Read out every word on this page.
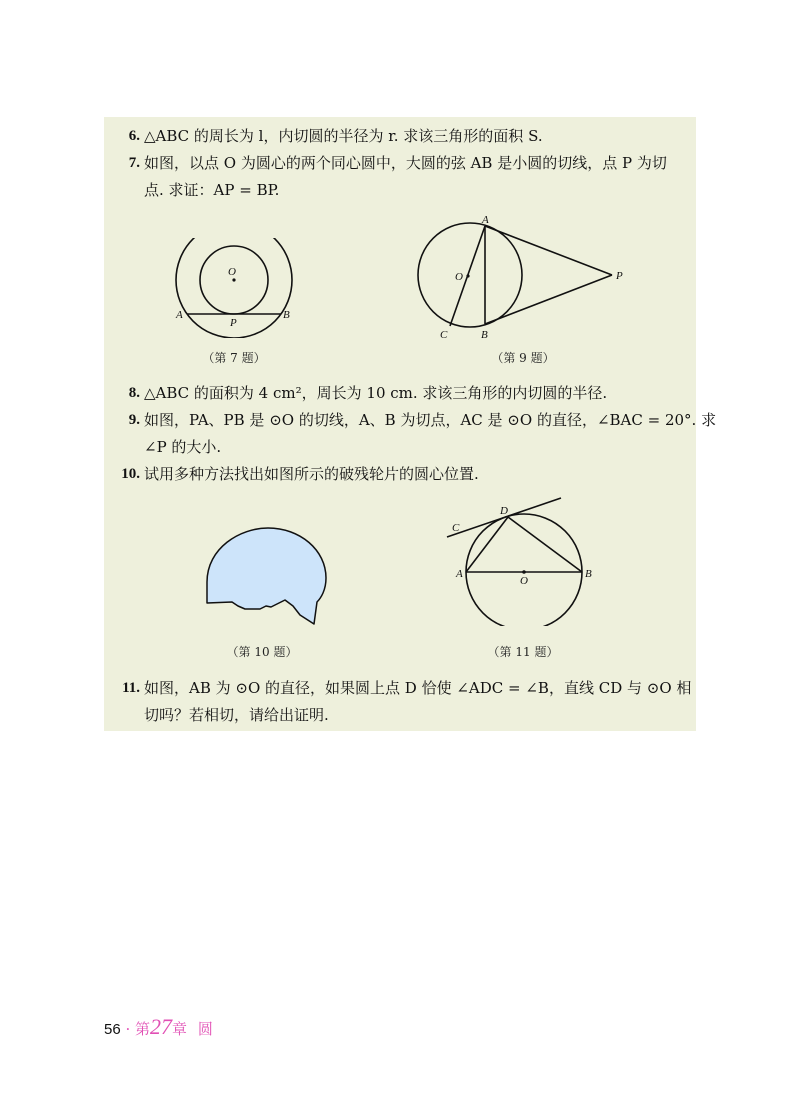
6. △ABC 的周长为 l，内切圆的半径为 r. 求该三角形的面积 S.
7. 如图，以点 O 为圆心的两个同心圆中，大圆的弦 AB 是小圆的切线，点 P 为切
点. 求证：AP = BP.
O
A
P
B
（第 7 题）
A
O	P
C	B
（第 9 题）
8. △ABC 的面积为 4 cm²，周长为 10 cm. 求该三角形的内切圆的半径.
9. 如图，PA、PB 是 ⊙O 的切线，A、B 为切点，AC 是 ⊙O 的直径，∠BAC = 20°. 求
∠P 的大小.
10. 试用多种方法找出如图所示的破残轮片的圆心位置.
（第 10 题）
C
D
A
O
B
（第 11 题）
11. 如图，AB 为 ⊙O 的直径，如果圆上点 D 恰使 ∠ADC = ∠B，直线 CD 与 ⊙O 相
切吗？若相切，请给出证明.
56 · 第27章 圆
